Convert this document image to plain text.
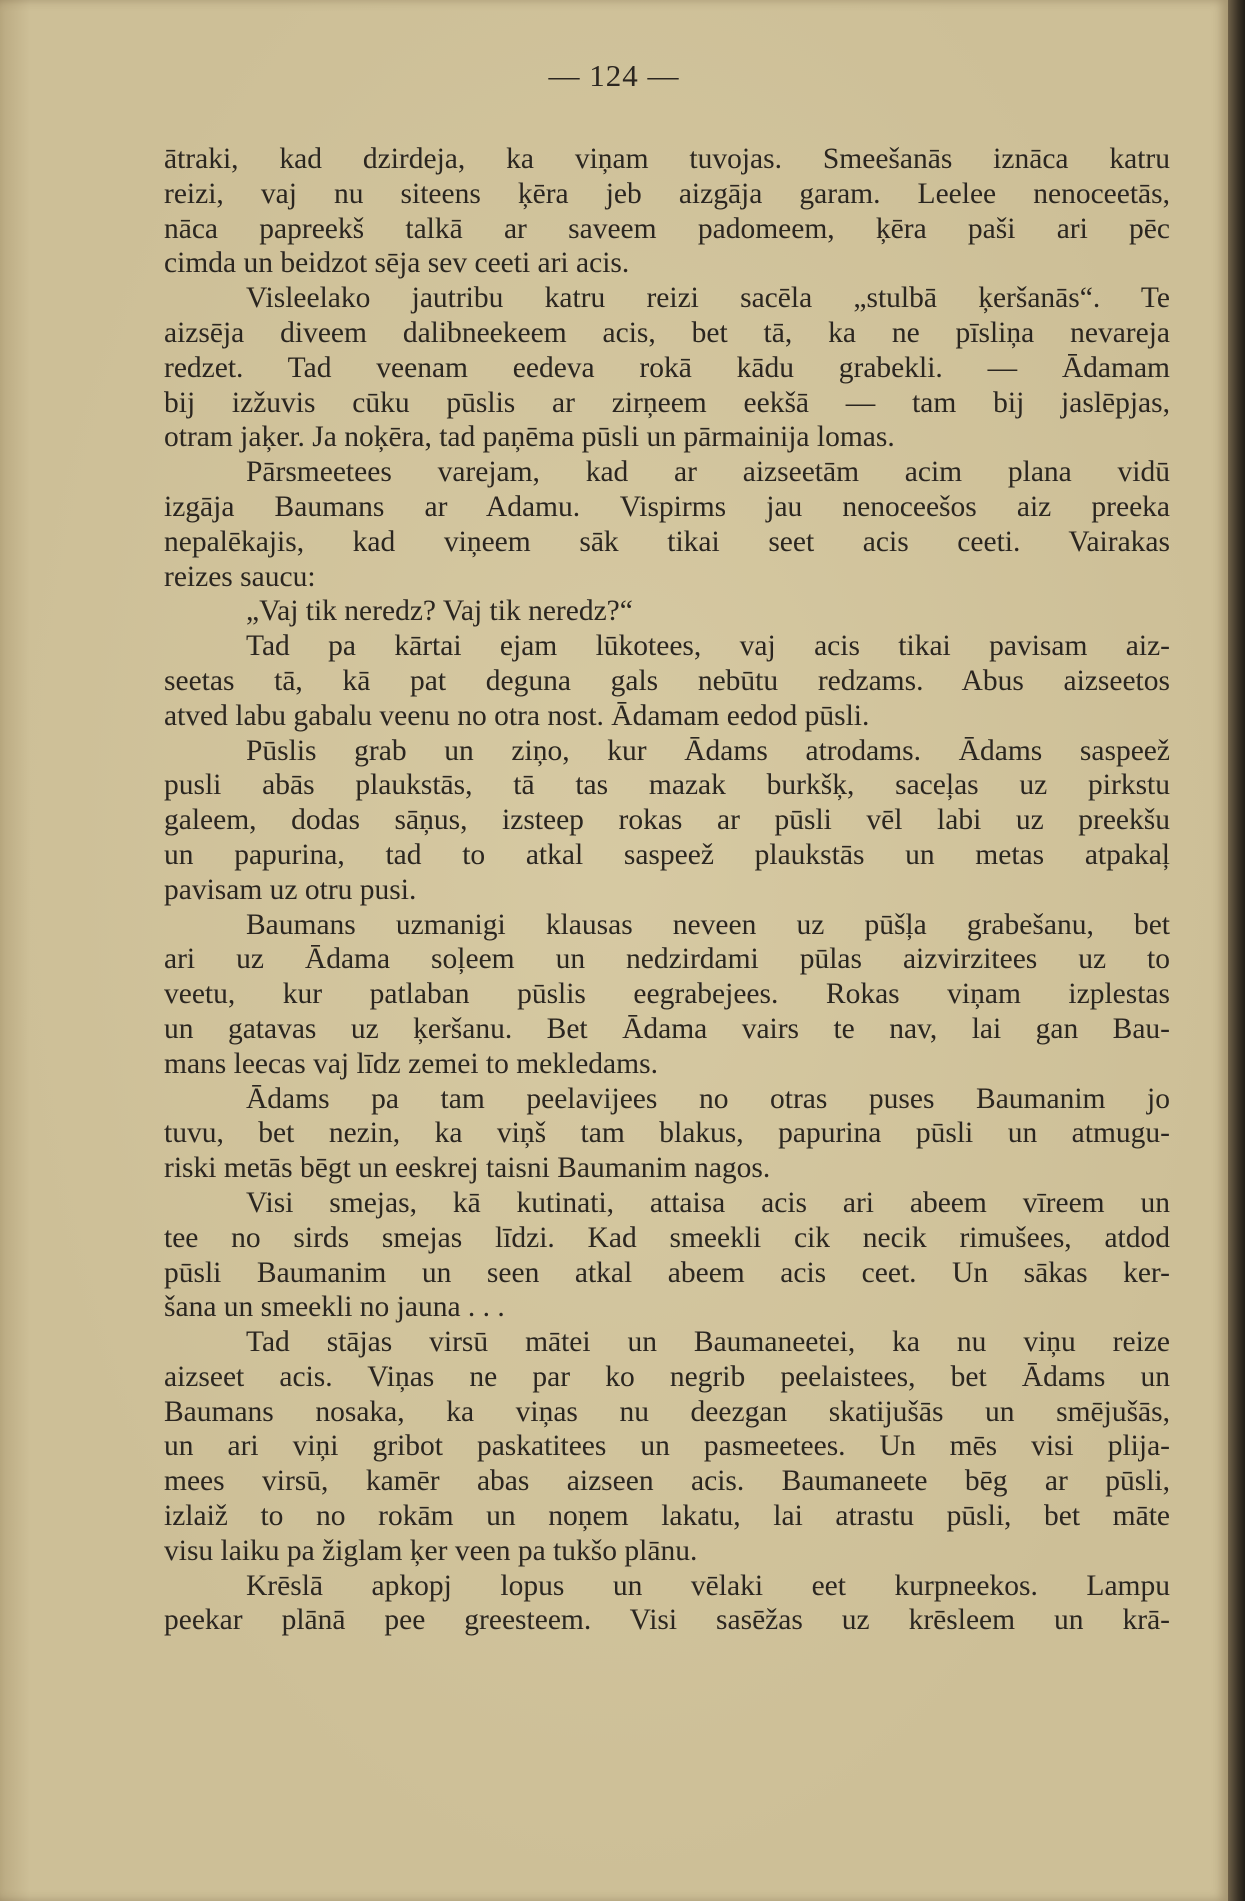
— 124 —
ātraki, kad dzirdeja, ka viņam tuvojas. Smeešanās iznāca katru
reizi, vaj nu siteens ķēra jeb aizgāja garam. Leelee nenoceetās,
nāca papreekš talkā ar saveem padomeem, ķēra paši ari pēc
cimda un beidzot sēja sev ceeti ari acis.
Visleelako jautribu katru reizi sacēla „stulbā ķeršanās“. Te
aizsēja diveem dalibneekeem acis, bet tā, ka ne pīsliņa nevareja
redzet. Tad veenam eedeva rokā kādu grabekli. — Ādamam
bij izžuvis cūku pūslis ar zirņeem eekšā — tam bij jaslēpjas,
otram jaķer. Ja noķēra, tad paņēma pūsli un pārmainija lomas.
Pārsmeetees varejam, kad ar aizseetām acim plana vidū
izgāja Baumans ar Adamu. Vispirms jau nenoceešos aiz preeka
nepalēkajis, kad viņeem sāk tikai seet acis ceeti. Vairakas
reizes saucu:
„Vaj tik neredz? Vaj tik neredz?“
Tad pa kārtai ejam lūkotees, vaj acis tikai pavisam aiz-
seetas tā, kā pat deguna gals nebūtu redzams. Abus aizseetos
atved labu gabalu veenu no otra nost. Ādamam eedod pūsli.
Pūslis grab un ziņo, kur Ādams atrodams. Ādams saspeež
pusli abās plaukstās, tā tas mazak burkšķ, saceļas uz pirkstu
galeem, dodas sāņus, izsteep rokas ar pūsli vēl labi uz preekšu
un papurina, tad to atkal saspeež plaukstās un metas atpakaļ
pavisam uz otru pusi.
Baumans uzmanigi klausas neveen uz pūšļa grabešanu, bet
ari uz Ādama soļeem un nedzirdami pūlas aizvirzitees uz to
veetu, kur patlaban pūslis eegrabejees. Rokas viņam izplestas
un gatavas uz ķeršanu. Bet Ādama vairs te nav, lai gan Bau-
mans leecas vaj līdz zemei to mekledams.
Ādams pa tam peelavijees no otras puses Baumanim jo
tuvu, bet nezin, ka viņš tam blakus, papurina pūsli un atmugu-
riski metās bēgt un eeskrej taisni Baumanim nagos.
Visi smejas, kā kutinati, attaisa acis ari abeem vīreem un
tee no sirds smejas līdzi. Kad smeekli cik necik rimušees, atdod
pūsli Baumanim un seen atkal abeem acis ceet. Un sākas ker-
šana un smeekli no jauna . . .
Tad stājas virsū mātei un Baumaneetei, ka nu viņu reize
aizseet acis. Viņas ne par ko negrib peelaistees, bet Ādams un
Baumans nosaka, ka viņas nu deezgan skatijušās un smējušās,
un ari viņi gribot paskatitees un pasmeetees. Un mēs visi plija-
mees virsū, kamēr abas aizseen acis. Baumaneete bēg ar pūsli,
izlaiž to no rokām un noņem lakatu, lai atrastu pūsli, bet māte
visu laiku pa žiglam ķer veen pa tukšo plānu.
Krēslā apkopj lopus un vēlaki eet kurpneekos. Lampu
peekar plānā pee greesteem. Visi sasēžas uz krēsleem un krā-
